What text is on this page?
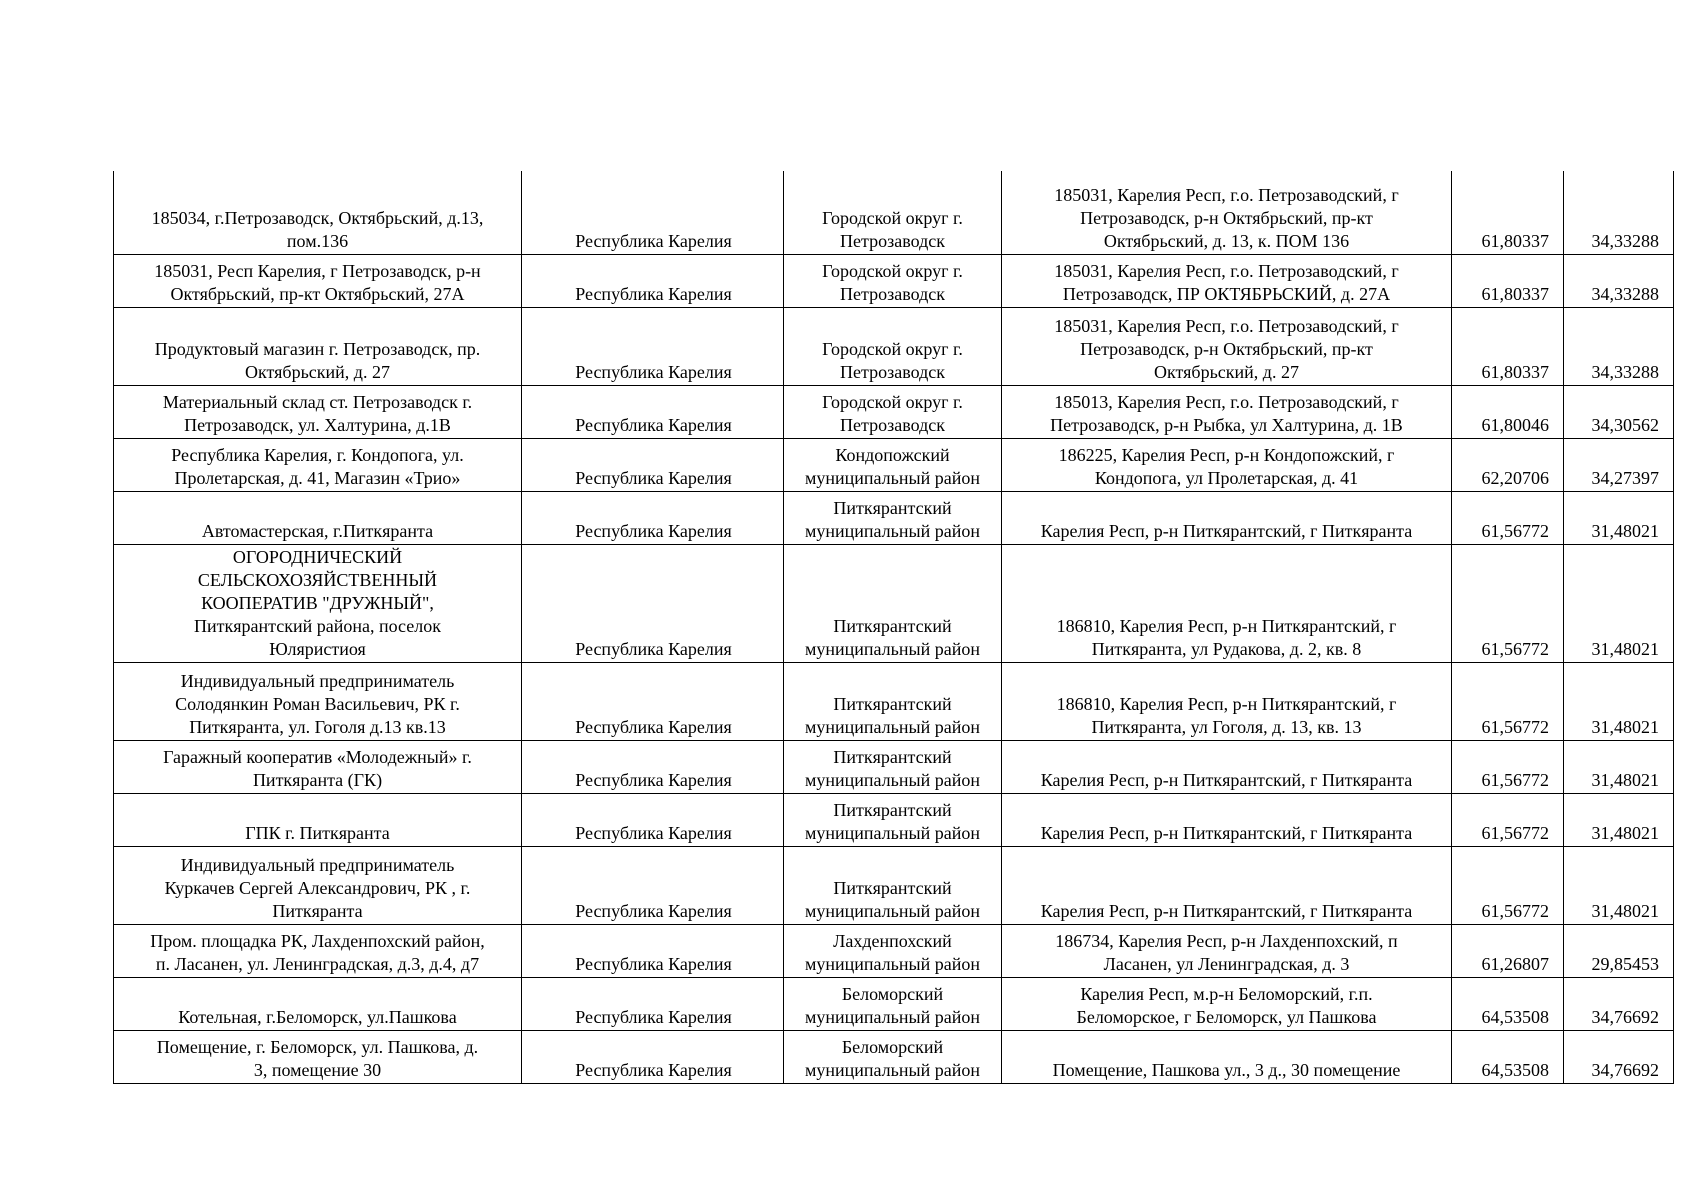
185034, г.Петрозаводск, Октябрьский, д.13,
пом.136	Республика Карелия	Городской округ г.
Петрозаводск	185031, Карелия Респ, г.о. Петрозаводский, г
Петрозаводск, р-н Октябрьский, пр-кт
Октябрьский, д. 13, к. ПОМ 136	61,80337	34,33288
185031, Респ Карелия, г Петрозаводск, р-н
Октябрьский, пр-кт Октябрьский, 27А	Республика Карелия	Городской округ г.
Петрозаводск	185031, Карелия Респ, г.о. Петрозаводский, г
Петрозаводск, ПР ОКТЯБРЬСКИЙ, д. 27А	61,80337	34,33288
Продуктовый магазин г. Петрозаводск, пр.
Октябрьский, д. 27	Республика Карелия	Городской округ г.
Петрозаводск	185031, Карелия Респ, г.о. Петрозаводский, г
Петрозаводск, р-н Октябрьский, пр-кт
Октябрьский, д. 27	61,80337	34,33288
Материальный склад ст. Петрозаводск г.
Петрозаводск, ул. Халтурина, д.1В	Республика Карелия	Городской округ г.
Петрозаводск	185013, Карелия Респ, г.о. Петрозаводский, г
Петрозаводск, р-н Рыбка, ул Халтурина, д. 1В	61,80046	34,30562
Республика Карелия, г. Кондопога, ул.
Пролетарская, д. 41, Магазин «Трио»	Республика Карелия	Кондопожский
муниципальный район	186225, Карелия Респ, р-н Кондопожский, г
Кондопога, ул Пролетарская, д. 41	62,20706	34,27397
Автомастерская, г.Питкяранта	Республика Карелия	Питкярантский
муниципальный район	Карелия Респ, р-н Питкярантский, г Питкяранта	61,56772	31,48021
ОГОРОДНИЧЕСКИЙ
СЕЛЬСКОХОЗЯЙСТВЕННЫЙ
КООПЕРАТИВ "ДРУЖНЫЙ",
Питкярантский района, поселок
Юляристиоя	Республика Карелия	Питкярантский
муниципальный район	186810, Карелия Респ, р-н Питкярантский, г
Питкяранта, ул Рудакова, д. 2, кв. 8	61,56772	31,48021
Индивидуальный предприниматель
Солодянкин Роман Васильевич, РК г.
Питкяранта, ул. Гоголя д.13 кв.13	Республика Карелия	Питкярантский
муниципальный район	186810, Карелия Респ, р-н Питкярантский, г
Питкяранта, ул Гоголя, д. 13, кв. 13	61,56772	31,48021
Гаражный кооператив «Молодежный» г.
Питкяранта (ГК)	Республика Карелия	Питкярантский
муниципальный район	Карелия Респ, р-н Питкярантский, г Питкяранта	61,56772	31,48021
ГПК г. Питкяранта	Республика Карелия	Питкярантский
муниципальный район	Карелия Респ, р-н Питкярантский, г Питкяранта	61,56772	31,48021
Индивидуальный предприниматель
Куркачев Сергей Александрович, РК , г.
Питкяранта	Республика Карелия	Питкярантский
муниципальный район	Карелия Респ, р-н Питкярантский, г Питкяранта	61,56772	31,48021
Пром. площадка РК, Лахденпохский район,
п. Ласанен, ул. Ленинградская, д.3, д.4, д7	Республика Карелия	Лахденпохский
муниципальный район	186734, Карелия Респ, р-н Лахденпохский, п
Ласанен, ул Ленинградская, д. 3	61,26807	29,85453
Котельная, г.Беломорск, ул.Пашкова	Республика Карелия	Беломорский
муниципальный район	Карелия Респ, м.р-н Беломорский, г.п.
Беломорское, г Беломорск, ул Пашкова	64,53508	34,76692
Помещение, г. Беломорск, ул. Пашкова, д.
3, помещение 30	Республика Карелия	Беломорский
муниципальный район	Помещение, Пашкова ул., 3 д., 30 помещение	64,53508	34,76692
